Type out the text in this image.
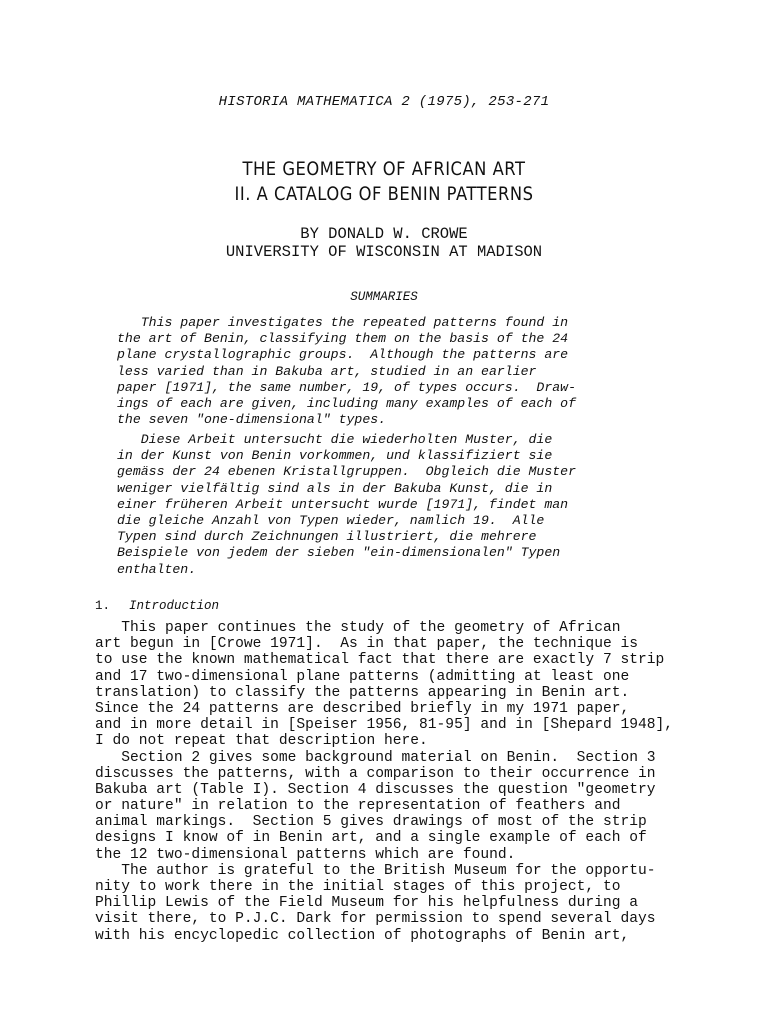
HISTORIA MATHEMATICA 2 (1975), 253-271
THE GEOMETRY OF AFRICAN ART
II. A CATALOG OF BENIN PATTERNS
BY DONALD W. CROWE
UNIVERSITY OF WISCONSIN AT MADISON
SUMMARIES
This paper investigates the repeated patterns found in
the art of Benin, classifying them on the basis of the 24
plane crystallographic groups.  Although the patterns are
less varied than in Bakuba art, studied in an earlier
paper [1971], the same number, 19, of types occurs.  Draw-
ings of each are given, including many examples of each of
the seven "one-dimensional" types.
Diese Arbeit untersucht die wiederholten Muster, die
in der Kunst von Benin vorkommen, und klassifiziert sie
gemäss der 24 ebenen Kristallgruppen.  Obgleich die Muster
weniger vielfältig sind als in der Bakuba Kunst, die in
einer früheren Arbeit untersucht wurde [1971], findet man
die gleiche Anzahl von Typen wieder, namlich 19.  Alle
Typen sind durch Zeichnungen illustriert, die mehrere
Beispiele von jedem der sieben "ein-dimensionalen" Typen
enthalten.
1. Introduction
This paper continues the study of the geometry of African
art begun in [Crowe 1971].  As in that paper, the technique is
to use the known mathematical fact that there are exactly 7 strip
and 17 two-dimensional plane patterns (admitting at least one
translation) to classify the patterns appearing in Benin art.
Since the 24 patterns are described briefly in my 1971 paper,
and in more detail in [Speiser 1956, 81-95] and in [Shepard 1948],
I do not repeat that description here.
Section 2 gives some background material on Benin.  Section 3
discusses the patterns, with a comparison to their occurrence in
Bakuba art (Table I). Section 4 discusses the question "geometry
or nature" in relation to the representation of feathers and
animal markings.  Section 5 gives drawings of most of the strip
designs I know of in Benin art, and a single example of each of
the 12 two-dimensional patterns which are found.
The author is grateful to the British Museum for the opportu-
nity to work there in the initial stages of this project, to
Phillip Lewis of the Field Museum for his helpfulness during a
visit there, to P.J.C. Dark for permission to spend several days
with his encyclopedic collection of photographs of Benin art,
